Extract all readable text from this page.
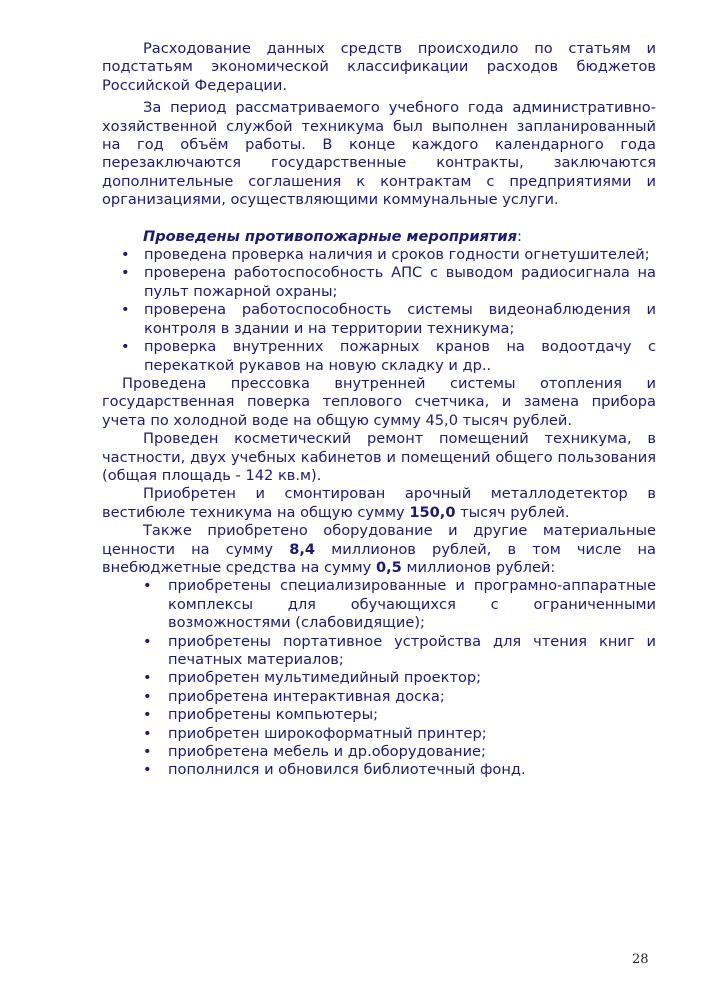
Расходование данных средств происходило по статьям и подстатьям экономической классификации расходов бюджетов Российской Федерации.

За период рассматриваемого учебного года административно-хозяйственной службой техникума был выполнен запланированный на год объём работы. В конце каждого календарного года перезаключаются государственные контракты, заключаются дополнительные соглашения к контрактам с предприятиями и организациями, осуществляющими коммунальные услуги.

Проведены противопожарные мероприятия:

• проведена проверка наличия и сроков годности огнетушителей;
• проверена работоспособность АПС с выводом радиосигнала на пульт пожарной охраны;
• проверена работоспособность системы видеонаблюдения и контроля в здании и на территории техникума;
• проверка внутренних пожарных кранов на водоотдачу с перекаткой рукавов на новую складку и др..

Проведена прессовка внутренней системы отопления и государственная поверка теплового счетчика, и замена прибора учета по холодной воде на общую сумму 45,0 тысяч рублей.

Проведен косметический ремонт помещений техникума, в частности, двух учебных кабинетов и помещений общего пользования (общая площадь - 142 кв.м).

Приобретен и смонтирован арочный металлодетектор в вестибюле техникума на общую сумму 150,0 тысяч рублей.

Также приобретено оборудование и другие материальные ценности на сумму 8,4 миллионов рублей, в том числе на внебюджетные средства на сумму 0,5 миллионов рублей:

• приобретены специализированные и програмно-аппаратные комплексы для обучающихся с ограниченными возможностями (слабовидящие);
• приобретены портативное устройства для чтения книг и печатных материалов;
• приобретен мультимедийный проектор;
• приобретена интерактивная доска;
• приобретены компьютеры;
• приобретен широкоформатный принтер;
• приобретена мебель и др.оборудование;
• пополнился и обновился библиотечный фонд.
28
